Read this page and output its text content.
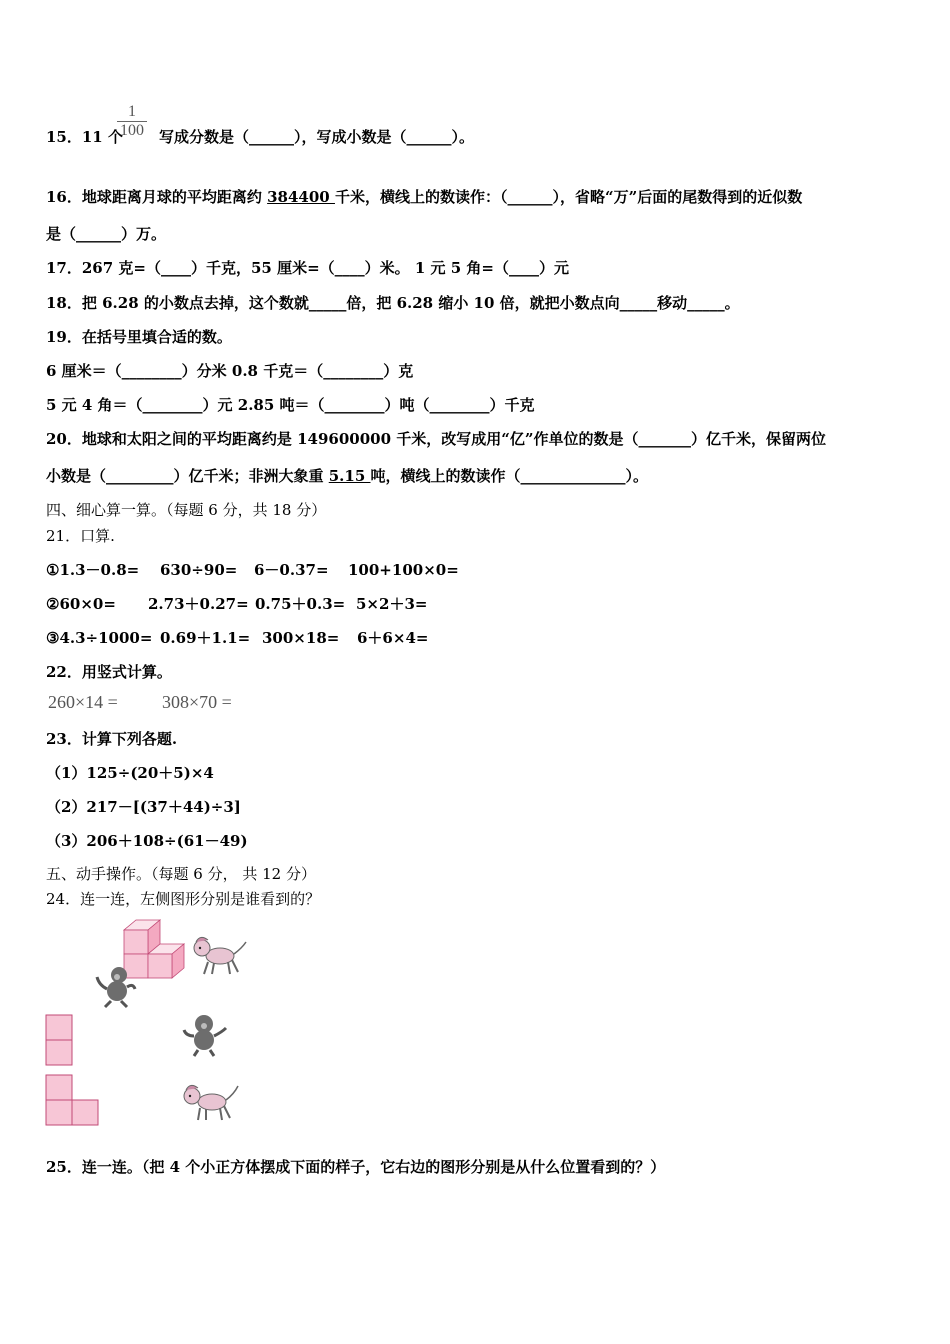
15．11 个 写成分数是（______），写成小数是（______）。
1
100
16．地球距离月球的平均距离约 384400 千米，横线上的数读作：（______），省略“万”后面的尾数得到的近似数
是（______）万。
17．267 克=（____）千克，55 厘米=（____）米。 1 元 5 角=（____）元
18．把 6.28 的小数点去掉，这个数就_____倍，把 6.28 缩小 10 倍，就把小数点向_____移动_____。
19．在括号里填合适的数。
6 厘米＝（________）分米 0.8 千克＝（________）克
5 元 4 角＝（________）元 2.85 吨＝（________）吨（________）千克
20．地球和太阳之间的平均距离约是 149600000 千米，改写成用“亿”作单位的数是（_______）亿千米，保留两位
小数是（_________）亿千米；非洲大象重 5.15 吨，横线上的数读作（______________）。
四、细心算一算。（每题 6 分，共 18 分）
21．口算.
①1.3－0.8= 630÷90= 6－0.37= 100+100×0=
②60×0= 2.73＋0.27= 0.75＋0.3= 5×2＋3=
③4.3÷1000= 0.69＋1.1= 300×18= 6＋6×4=
22．用竖式计算。
260×14 = 308×70 =
23．计算下列各题.
（1）125÷(20＋5)×4
（2）217－[(37＋44)÷3]
（3）206＋108÷(61－49)
五、动手操作。（每题 6 分， 共 12 分）
24．连一连，左侧图形分别是谁看到的？
25．连一连。（把 4 个小正方体摆成下面的样子，它右边的图形分别是从什么位置看到的？）
